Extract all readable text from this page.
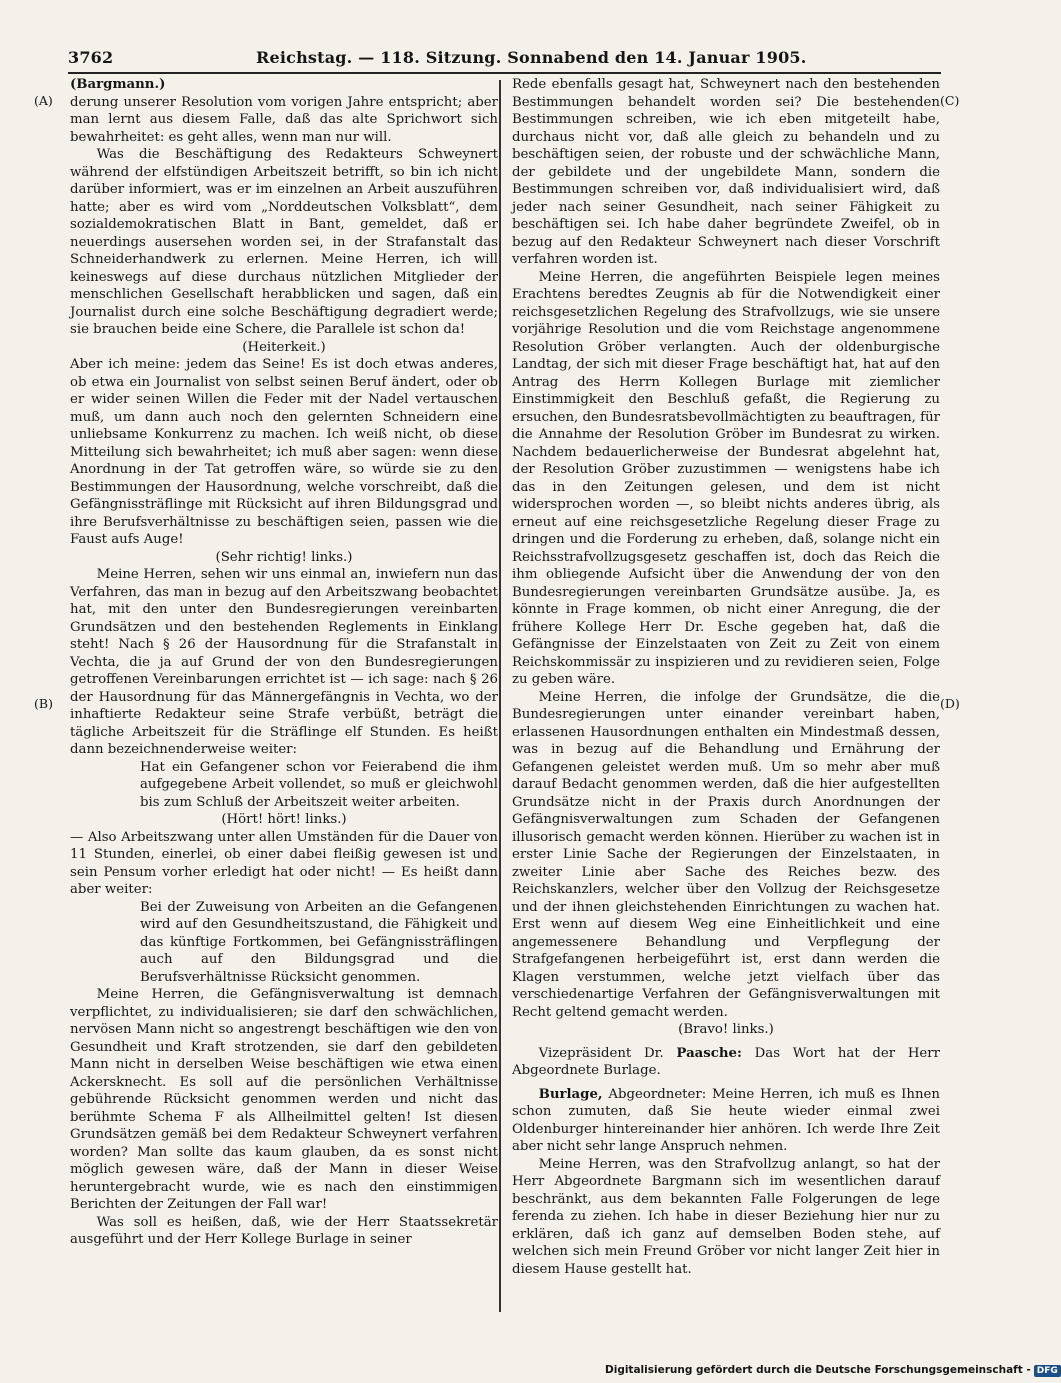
3762	Reichstag. — 118. Sitzung. Sonnabend den 14. Januar 1905.
(A)
(B)
(C)
(D)

(Bargmann.)

derung unserer Resolution vom vorigen Jahre entspricht; aber man lernt aus diesem Falle, daß das alte Sprichwort sich bewahrheitet: es geht alles, wenn man nur will.

Was die Beschäftigung des Redakteurs Schweynert während der elfstündigen Arbeitszeit betrifft, so bin ich nicht darüber informiert, was er im einzelnen an Arbeit auszuführen hatte; aber es wird vom „Norddeutschen Volksblatt“, dem sozialdemokratischen Blatt in Bant, gemeldet, daß er neuerdings ausersehen worden sei, in der Strafanstalt das Schneiderhandwerk zu erlernen. Meine Herren, ich will keineswegs auf diese durchaus nützlichen Mitglieder der menschlichen Gesellschaft herabblicken und sagen, daß ein Journalist durch eine solche Beschäftigung degradiert werde; sie brauchen beide eine Schere, die Parallele ist schon da!

(Heiterkeit.)

Aber ich meine: jedem das Seine! Es ist doch etwas anderes, ob etwa ein Journalist von selbst seinen Beruf ändert, oder ob er wider seinen Willen die Feder mit der Nadel vertauschen muß, um dann auch noch den gelernten Schneidern eine unliebsame Konkurrenz zu machen. Ich weiß nicht, ob diese Mitteilung sich bewahrheitet; ich muß aber sagen: wenn diese Anordnung in der Tat getroffen wäre, so würde sie zu den Bestimmungen der Hausordnung, welche vorschreibt, daß die Gefängnissträflinge mit Rücksicht auf ihren Bildungsgrad und ihre Berufsverhältnisse zu beschäftigen seien, passen wie die Faust aufs Auge!

(Sehr richtig! links.)

Meine Herren, sehen wir uns einmal an, inwiefern nun das Verfahren, das man in bezug auf den Arbeitszwang beobachtet hat, mit den unter den Bundesregierungen vereinbarten Grundsätzen und den bestehenden Reglements in Einklang steht! Nach § 26 der Hausordnung für die Strafanstalt in Vechta, die ja auf Grund der von den Bundesregierungen getroffenen Vereinbarungen errichtet ist — ich sage: nach § 26 der Hausordnung für das Männergefängnis in Vechta, wo der inhaftierte Redakteur seine Strafe verbüßt, beträgt die tägliche Arbeitszeit für die Sträflinge elf Stunden. Es heißt dann bezeichnenderweise weiter:

Hat ein Gefangener schon vor Feierabend die ihm aufgegebene Arbeit vollendet, so muß er gleichwohl bis zum Schluß der Arbeitszeit weiter arbeiten.

(Hört! hört! links.)

— Also Arbeitszwang unter allen Umständen für die Dauer von 11 Stunden, einerlei, ob einer dabei fleißig gewesen ist und sein Pensum vorher erledigt hat oder nicht! — Es heißt dann aber weiter:

Bei der Zuweisung von Arbeiten an die Gefangenen wird auf den Gesundheitszustand, die Fähigkeit und das künftige Fortkommen, bei Gefängnissträflingen auch auf den Bildungsgrad und die Berufsverhältnisse Rücksicht genommen.

Meine Herren, die Gefängnisverwaltung ist demnach verpflichtet, zu individualisieren; sie darf den schwächlichen, nervösen Mann nicht so angestrengt beschäftigen wie den von Gesundheit und Kraft strotzenden, sie darf den gebildeten Mann nicht in derselben Weise beschäftigen wie etwa einen Ackersknecht. Es soll auf die persönlichen Verhältnisse gebührende Rücksicht genommen werden und nicht das berühmte Schema F als Allheilmittel gelten! Ist diesen Grundsätzen gemäß bei dem Redakteur Schweynert verfahren worden? Man sollte das kaum glauben, da es sonst nicht möglich gewesen wäre, daß der Mann in dieser Weise heruntergebracht wurde, wie es nach den einstimmigen Berichten der Zeitungen der Fall war!

Was soll es heißen, daß, wie der Herr Staatssekretär ausgeführt und der Herr Kollege Burlage in seiner

Rede ebenfalls gesagt hat, Schweynert nach den bestehenden Bestimmungen behandelt worden sei? Die bestehenden Bestimmungen schreiben, wie ich eben mitgeteilt habe, durchaus nicht vor, daß alle gleich zu behandeln und zu beschäftigen seien, der robuste und der schwächliche Mann, der gebildete und der ungebildete Mann, sondern die Bestimmungen schreiben vor, daß individualisiert wird, daß jeder nach seiner Gesundheit, nach seiner Fähigkeit zu beschäftigen sei. Ich habe daher begründete Zweifel, ob in bezug auf den Redakteur Schweynert nach dieser Vorschrift verfahren worden ist.

Meine Herren, die angeführten Beispiele legen meines Erachtens beredtes Zeugnis ab für die Notwendigkeit einer reichsgesetzlichen Regelung des Strafvollzugs, wie sie unsere vorjährige Resolution und die vom Reichstage angenommene Resolution Gröber verlangten. Auch der oldenburgische Landtag, der sich mit dieser Frage beschäftigt hat, hat auf den Antrag des Herrn Kollegen Burlage mit ziemlicher Einstimmigkeit den Beschluß gefaßt, die Regierung zu ersuchen, den Bundesratsbevollmächtigten zu beauftragen, für die Annahme der Resolution Gröber im Bundesrat zu wirken. Nachdem bedauerlicherweise der Bundesrat abgelehnt hat, der Resolution Gröber zuzustimmen — wenigstens habe ich das in den Zeitungen gelesen, und dem ist nicht widersprochen worden —, so bleibt nichts anderes übrig, als erneut auf eine reichsgesetzliche Regelung dieser Frage zu dringen und die Forderung zu erheben, daß, solange nicht ein Reichsstrafvollzugsgesetz geschaffen ist, doch das Reich die ihm obliegende Aufsicht über die Anwendung der von den Bundesregierungen vereinbarten Grundsätze ausübe. Ja, es könnte in Frage kommen, ob nicht einer Anregung, die der frühere Kollege Herr Dr. Esche gegeben hat, daß die Gefängnisse der Einzelstaaten von Zeit zu Zeit von einem Reichskommissär zu inspizieren und zu revidieren seien, Folge zu geben wäre.

Meine Herren, die infolge der Grundsätze, die die Bundesregierungen unter einander vereinbart haben, erlassenen Hausordnungen enthalten ein Mindestmaß dessen, was in bezug auf die Behandlung und Ernährung der Gefangenen geleistet werden muß. Um so mehr aber muß darauf Bedacht genommen werden, daß die hier aufgestellten Grundsätze nicht in der Praxis durch Anordnungen der Gefängnisverwaltungen zum Schaden der Gefangenen illusorisch gemacht werden können. Hierüber zu wachen ist in erster Linie Sache der Regierungen der Einzelstaaten, in zweiter Linie aber Sache des Reiches bezw. des Reichskanzlers, welcher über den Vollzug der Reichsgesetze und der ihnen gleichstehenden Einrichtungen zu wachen hat. Erst wenn auf diesem Weg eine Einheitlichkeit und eine angemessenere Behandlung und Verpflegung der Strafgefangenen herbeigeführt ist, erst dann werden die Klagen verstummen, welche jetzt vielfach über das verschiedenartige Verfahren der Gefängnisverwaltungen mit Recht geltend gemacht werden.

(Bravo! links.)

Vizepräsident Dr. Paasche: Das Wort hat der Herr Abgeordnete Burlage.

Burlage, Abgeordneter: Meine Herren, ich muß es Ihnen schon zumuten, daß Sie heute wieder einmal zwei Oldenburger hintereinander hier anhören. Ich werde Ihre Zeit aber nicht sehr lange Anspruch nehmen.

Meine Herren, was den Strafvollzug anlangt, so hat der Herr Abgeordnete Bargmann sich im wesentlichen darauf beschränkt, aus dem bekannten Falle Folgerungen de lege ferenda zu ziehen. Ich habe in dieser Beziehung hier nur zu erklären, daß ich ganz auf demselben Boden stehe, auf welchen sich mein Freund Gröber vor nicht langer Zeit hier in diesem Hause gestellt hat.

Digitalisierung gefördert durch die Deutsche Forschungsgemeinschaft - DFG
